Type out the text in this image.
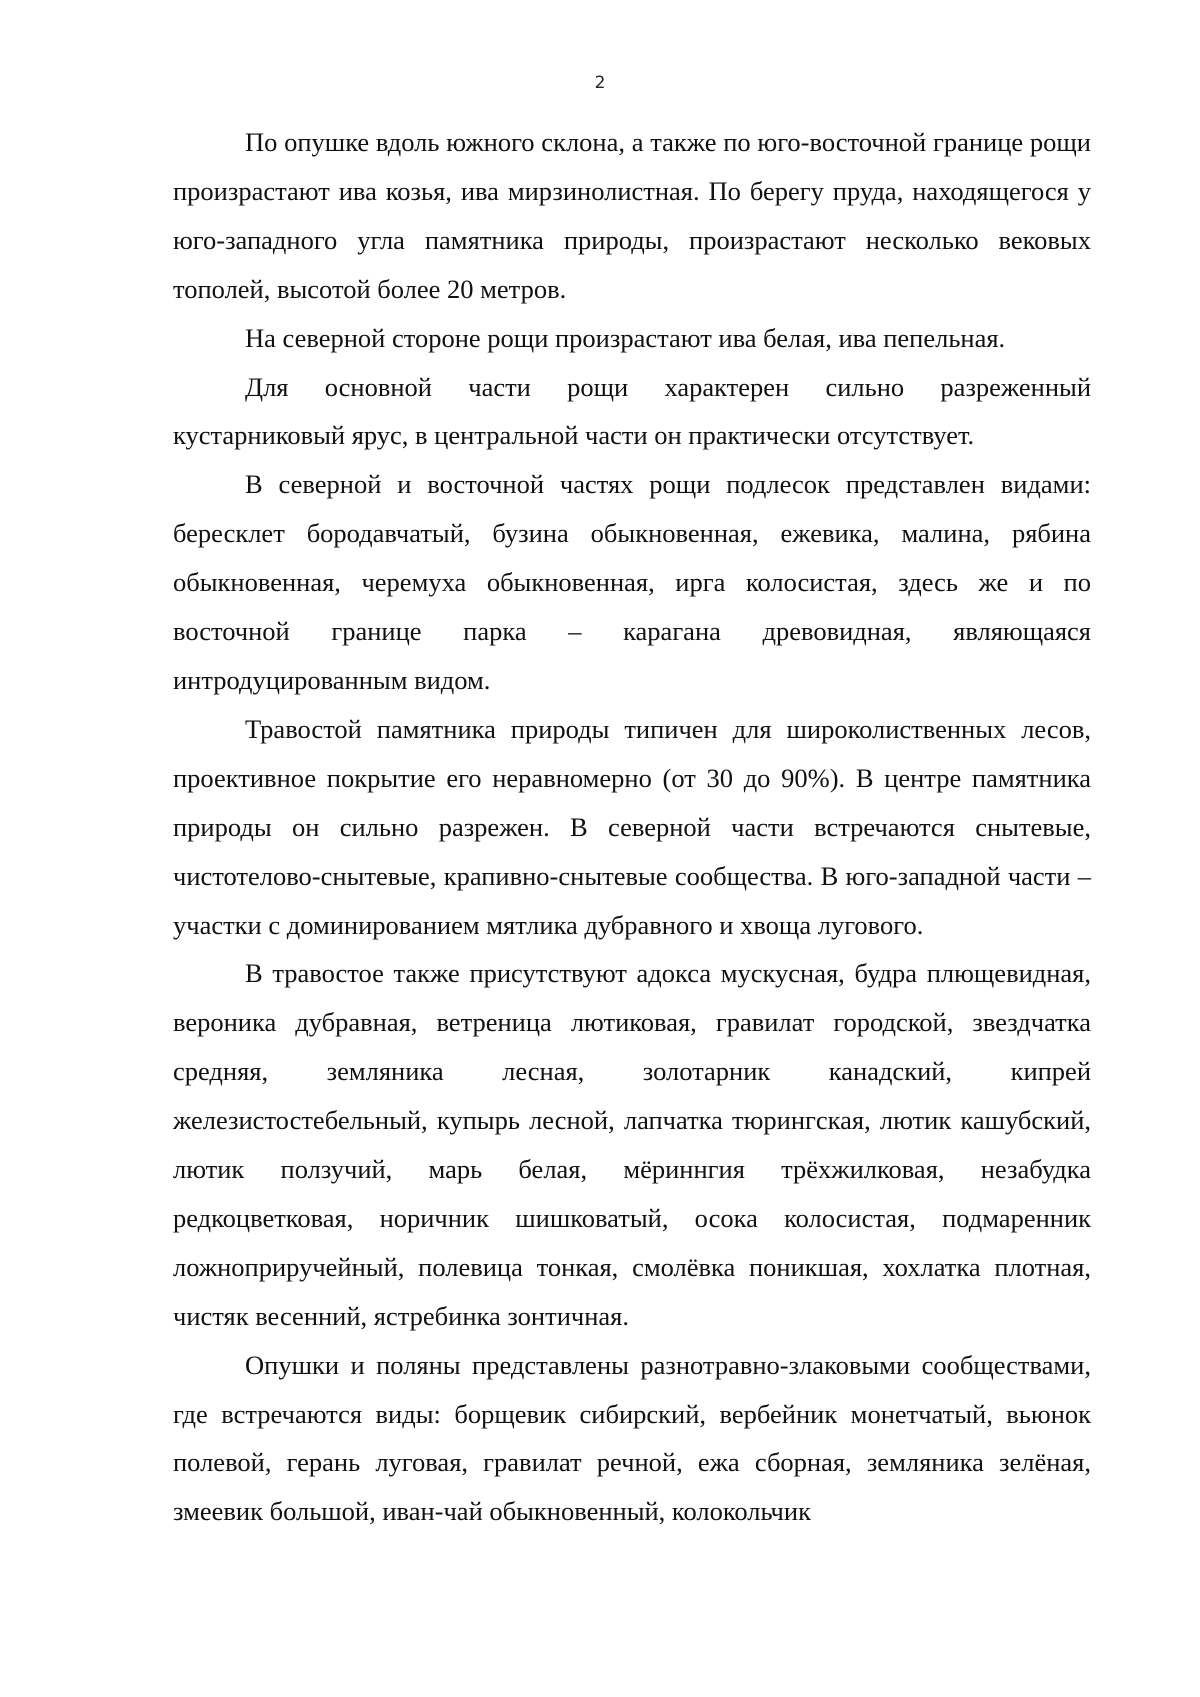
2

По опушке вдоль южного склона, а также по юго-восточной границе рощи произрастают ива козья, ива мирзинолистная. По берегу пруда, находящегося у юго-западного угла памятника природы, произрастают несколько вековых тополей, высотой более 20 метров.

На северной стороне рощи произрастают ива белая, ива пепельная.

Для основной части рощи характерен сильно разреженный кустарниковый ярус, в центральной части он практически отсутствует.

В северной и восточной частях рощи подлесок представлен видами: бересклет бородавчатый, бузина обыкновенная, ежевика, малина, рябина обыкновенная, черемуха обыкновенная, ирга колосистая, здесь же и по восточной границе парка – карагана древовидная, являющаяся интродуцированным видом.

Травостой памятника природы типичен для широколиственных лесов, проективное покрытие его неравномерно (от 30 до 90%). В центре памятника природы он сильно разрежен. В северной части встречаются снытевые, чистотелово-снытевые, крапивно-снытевые сообщества. В юго-западной части – участки с доминированием мятлика дубравного и хвоща лугового.

В травостое также присутствуют адокса мускусная, будра плющевидная, вероника дубравная, ветреница лютиковая, гравилат городской, звездчатка средняя, земляника лесная, золотарник канадский, кипрей железистостебельный, купырь лесной, лапчатка тюрингская, лютик кашубский, лютик ползучий, марь белая, мёриннгия трёхжилковая, незабудка редкоцветковая, норичник шишковатый, осока колосистая, подмаренник ложноприручейный, полевица тонкая, смолёвка поникшая, хохлатка плотная, чистяк весенний, ястребинка зонтичная.

Опушки и поляны представлены разнотравно-злаковыми сообществами, где встречаются виды: борщевик сибирский, вербейник монетчатый, вьюнок полевой, герань луговая, гравилат речной, ежа сборная, земляника зелёная, змеевик большой, иван-чай обыкновенный, колокольчик
